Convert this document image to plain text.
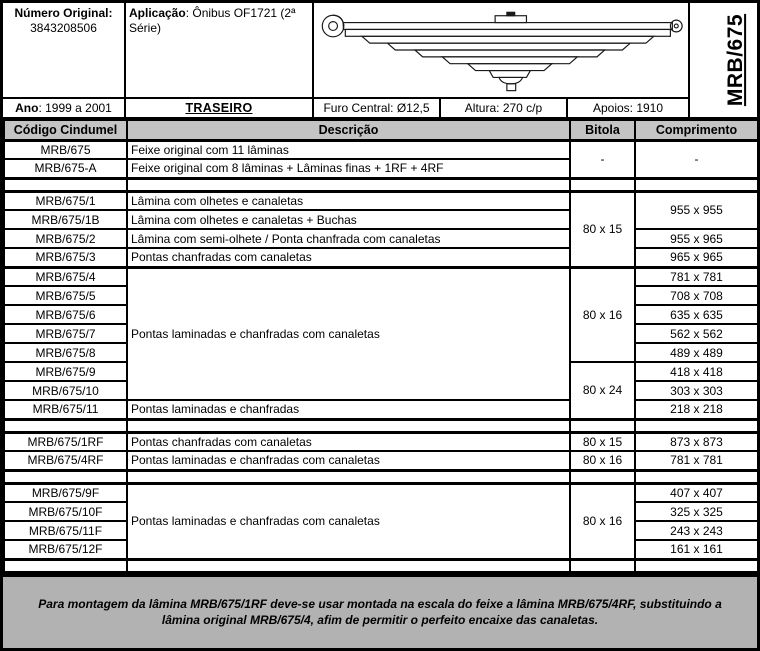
Número Original:
3843208506
Aplicação: Ônibus OF1721 (2ª Série)	MRB/675
Ano: 1999 a 2001	TRASEIRO	Furo Central: Ø12,5	Altura: 270 c/p	Apoios: 1910
Código Cindumel	Descrição	Bitola	Comprimento
MRB/675	Feixe original com 11 lâminas	-	-
MRB/675-A	Feixe original com 8 lâminas + Lâminas finas + 1RF + 4RF		

MRB/675/1	Lâmina com olhetes e canaletas	80 x 15	955 x 955
MRB/675/1B	Lâmina com olhetes e canaletas + Buchas		
MRB/675/2	Lâmina com semi-olhete / Ponta chanfrada com canaletas		955 x 965
MRB/675/3	Pontas chanfradas com canaletas		965 x 965
MRB/675/4	Pontas laminadas e chanfradas com canaletas	80 x 16	781 x 781
MRB/675/5			708 x 708
MRB/675/6			635 x 635
MRB/675/7			562 x 562
MRB/675/8			489 x 489
MRB/675/9		80 x 24	418 x 418
MRB/675/10			303 x 303
MRB/675/11	Pontas laminadas e chanfradas		218 x 218

MRB/675/1RF	Pontas chanfradas com canaletas	80 x 15	873 x 873
MRB/675/4RF	Pontas laminadas e chanfradas com canaletas	80 x 16	781 x 781

MRB/675/9F	Pontas laminadas e chanfradas com canaletas	80 x 16	407 x 407
MRB/675/10F			325 x 325
MRB/675/11F			243 x 243
MRB/675/12F			161 x 161

Para montagem da lâmina MRB/675/1RF deve-se usar montada na escala do feixe a lâmina MRB/675/4RF, substituindo a lâmina original MRB/675/4, afim de permitir o perfeito encaixe das canaletas.
